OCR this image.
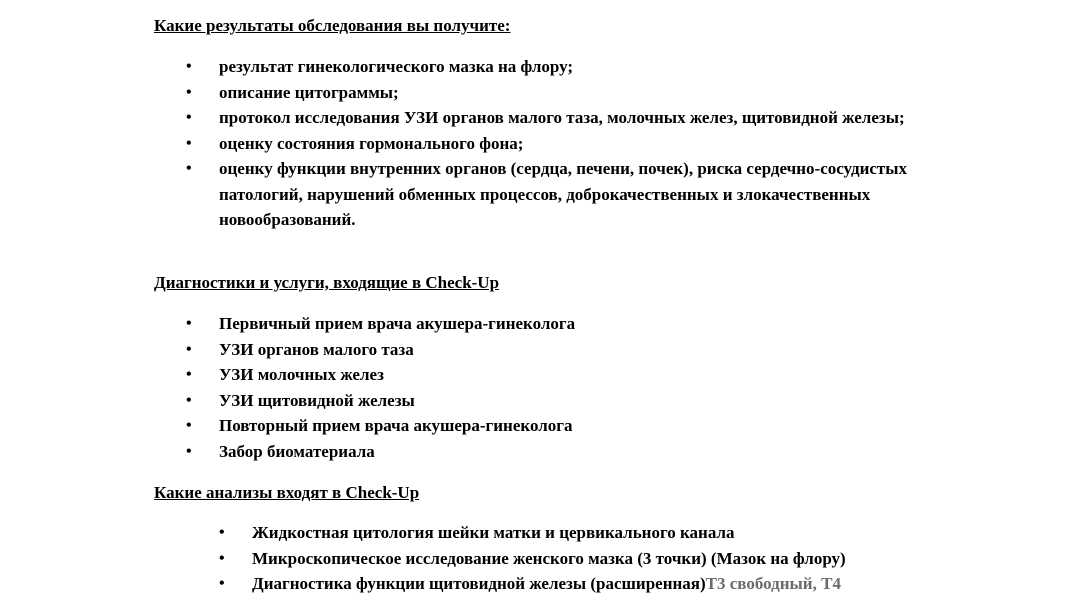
Какие результаты обследования вы получите:

• результат гинекологического мазка на флору;
• описание цитограммы;
• протокол исследования УЗИ органов малого таза, молочных желез, щитовидной железы;
• оценку состояния гормонального фона;
• оценку функции внутренних органов (сердца, печени, почек), риска сердечно-сосудистых патологий, нарушений обменных процессов, доброкачественных и злокачественных новообразований.

Диагностики и услуги, входящие в Check-Up

• Первичный прием врача акушера-гинеколога
• УЗИ органов малого таза
• УЗИ молочных желез
• УЗИ щитовидной железы
• Повторный прием врача акушера-гинеколога
• Забор биоматериала

Какие анализы входят в Check-Up

• Жидкостная цитология шейки матки и цервикального канала
• Микроскопическое исследование женского мазка (3 точки) (Мазок на флору)
• Диагностика функции щитовидной железы (расширенная)Т3 свободный, Т4
